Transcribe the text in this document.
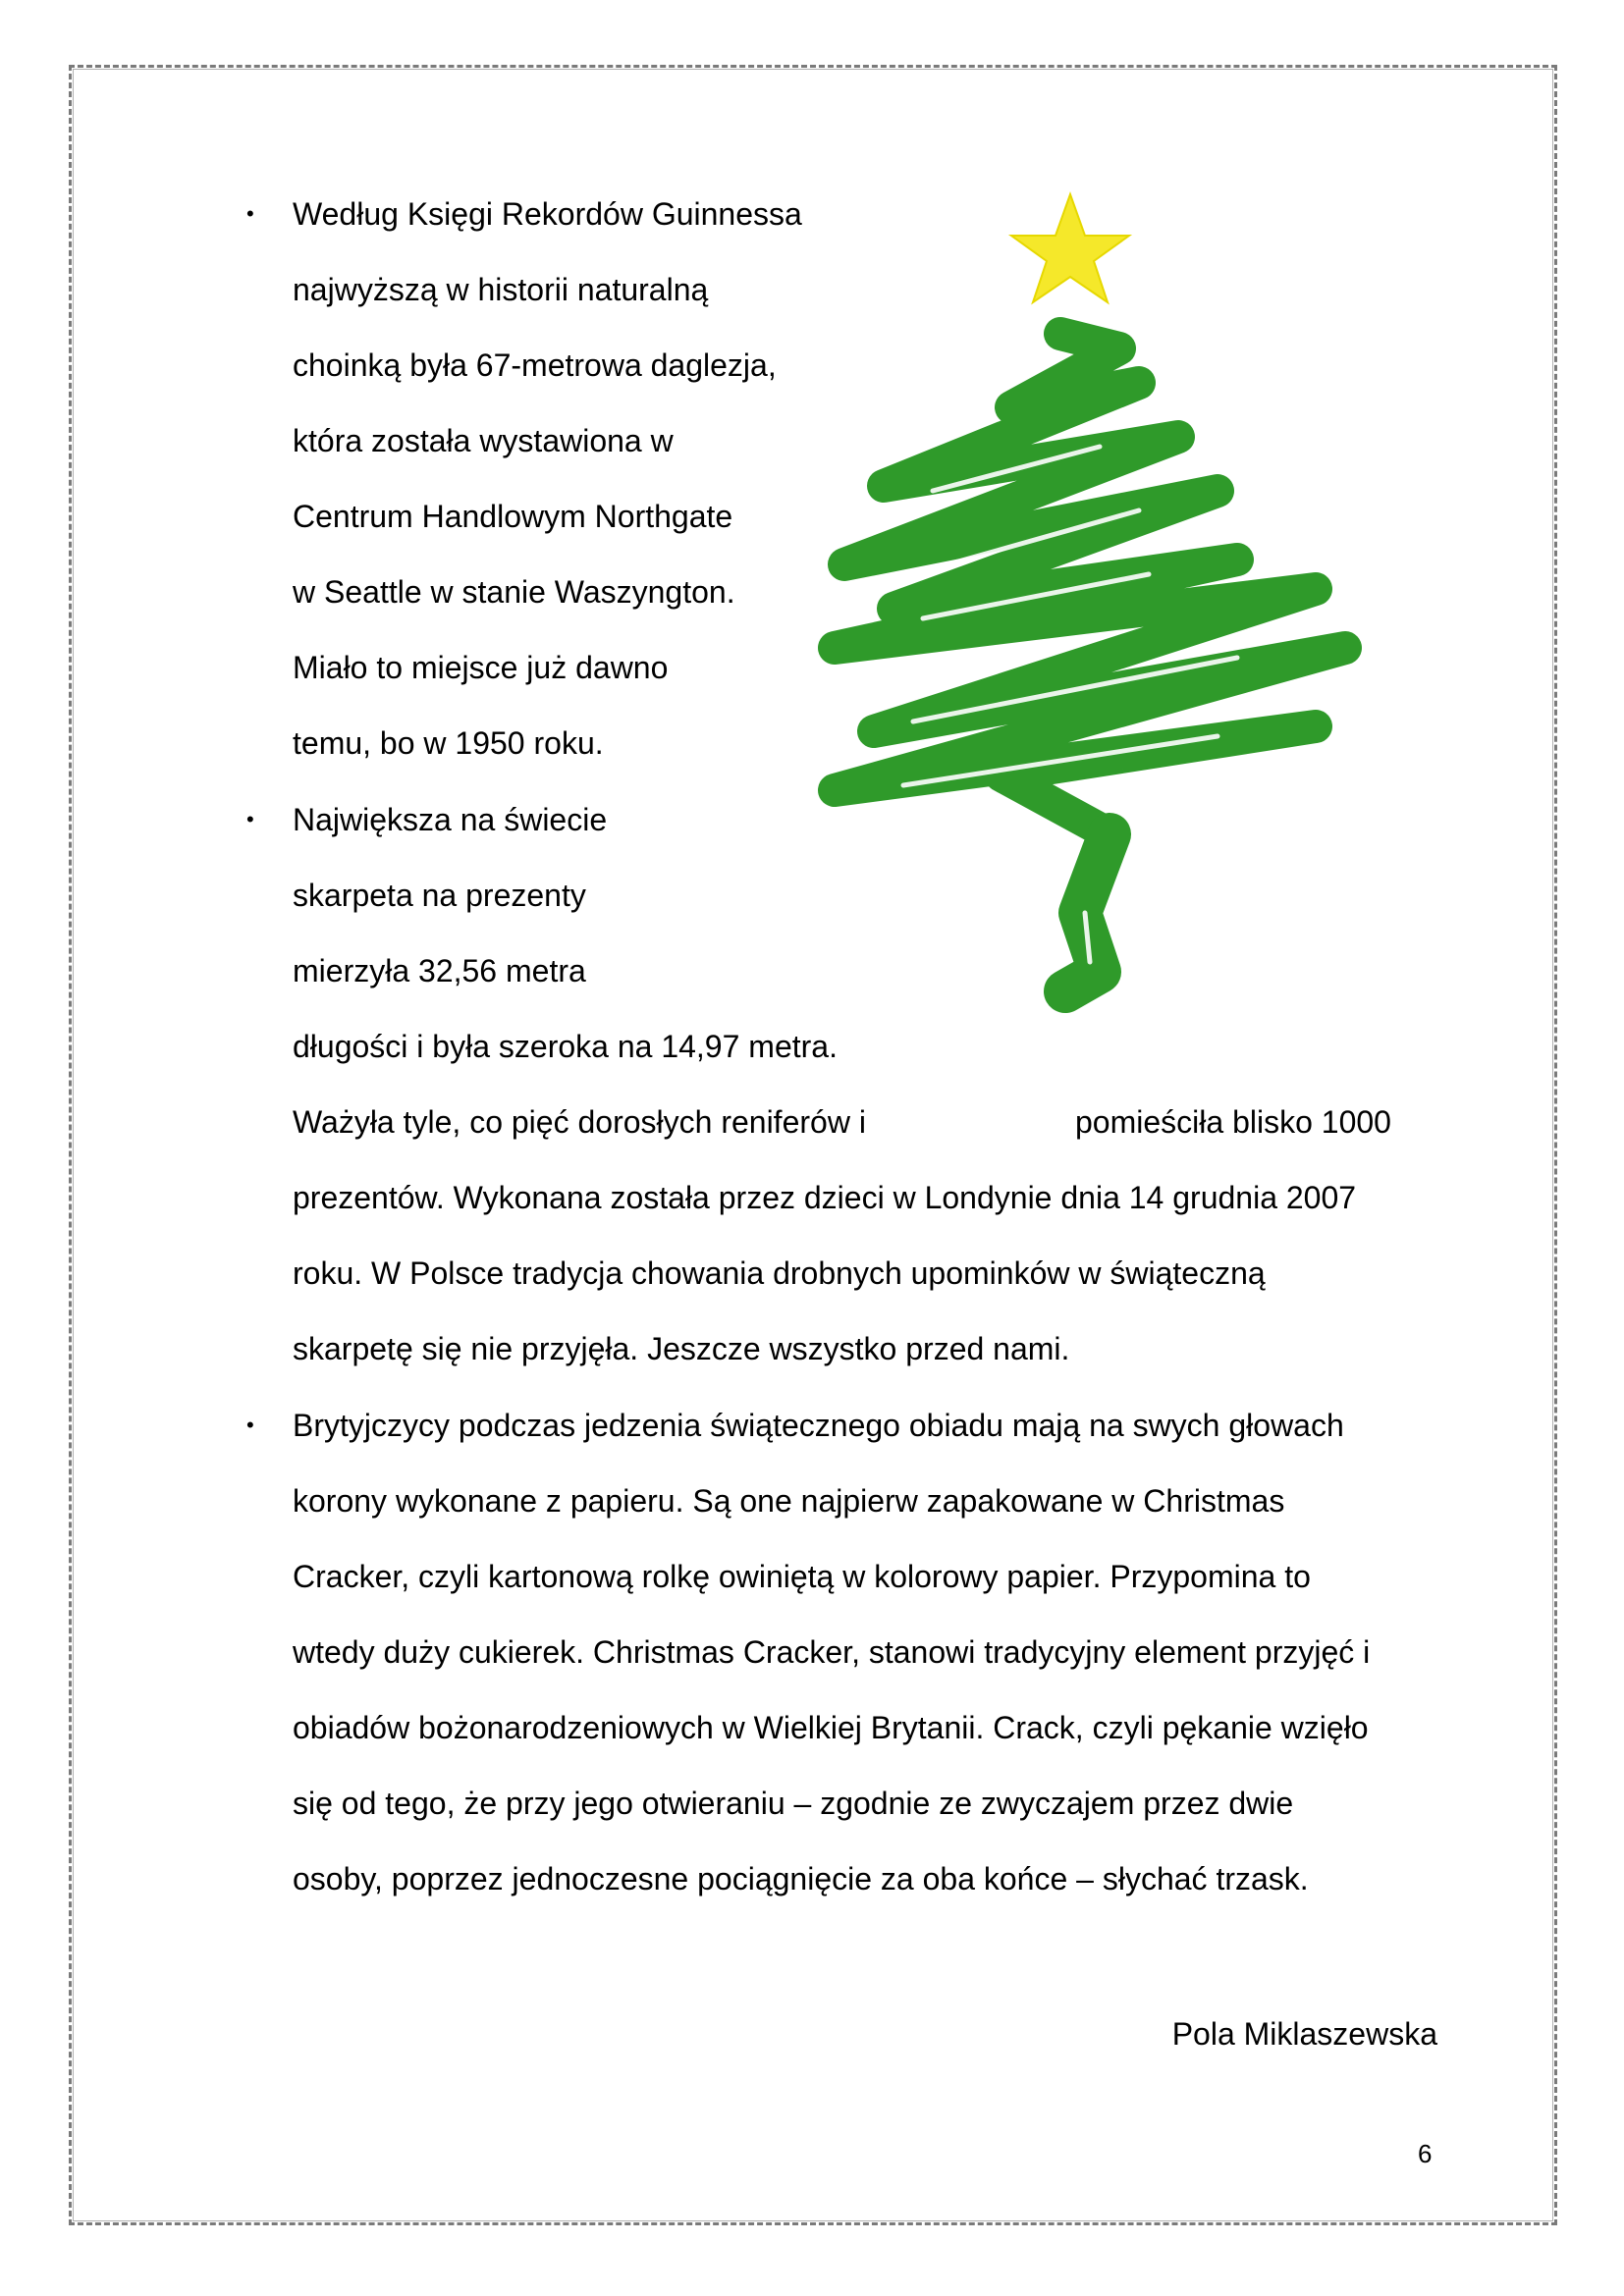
• Według Księgi Rekordów Guinnessa
najwyższą w historii naturalną
choinką była 67-metrowa daglezja,
która została wystawiona w
Centrum Handlowym Northgate
w Seattle w stanie Waszyngton.
Miało to miejsce już dawno
temu, bo w 1950 roku.
• Największa na świecie
skarpeta na prezenty
mierzyła 32,56 metra
długości i była szeroka na 14,97 metra.
Ważyła tyle, co pięć dorosłych reniferów i	pomieściła blisko 1000
prezentów. Wykonana została przez dzieci w Londynie dnia 14 grudnia 2007
roku. W Polsce tradycja chowania drobnych upominków w świąteczną
skarpetę się nie przyjęła. Jeszcze wszystko przed nami.
• Brytyjczycy podczas jedzenia świątecznego obiadu mają na swych głowach
korony wykonane z papieru. Są one najpierw zapakowane w Christmas
Cracker, czyli kartonową rolkę owiniętą w kolorowy papier. Przypomina to
wtedy duży cukierek. Christmas Cracker, stanowi tradycyjny element przyjęć i
obiadów bożonarodzeniowych w Wielkiej Brytanii. Crack, czyli pękanie wzięło
się od tego, że przy jego otwieraniu – zgodnie ze zwyczajem przez dwie
osoby, poprzez jednoczesne pociągnięcie za oba końce – słychać trzask.
Pola Miklaszewska
6
